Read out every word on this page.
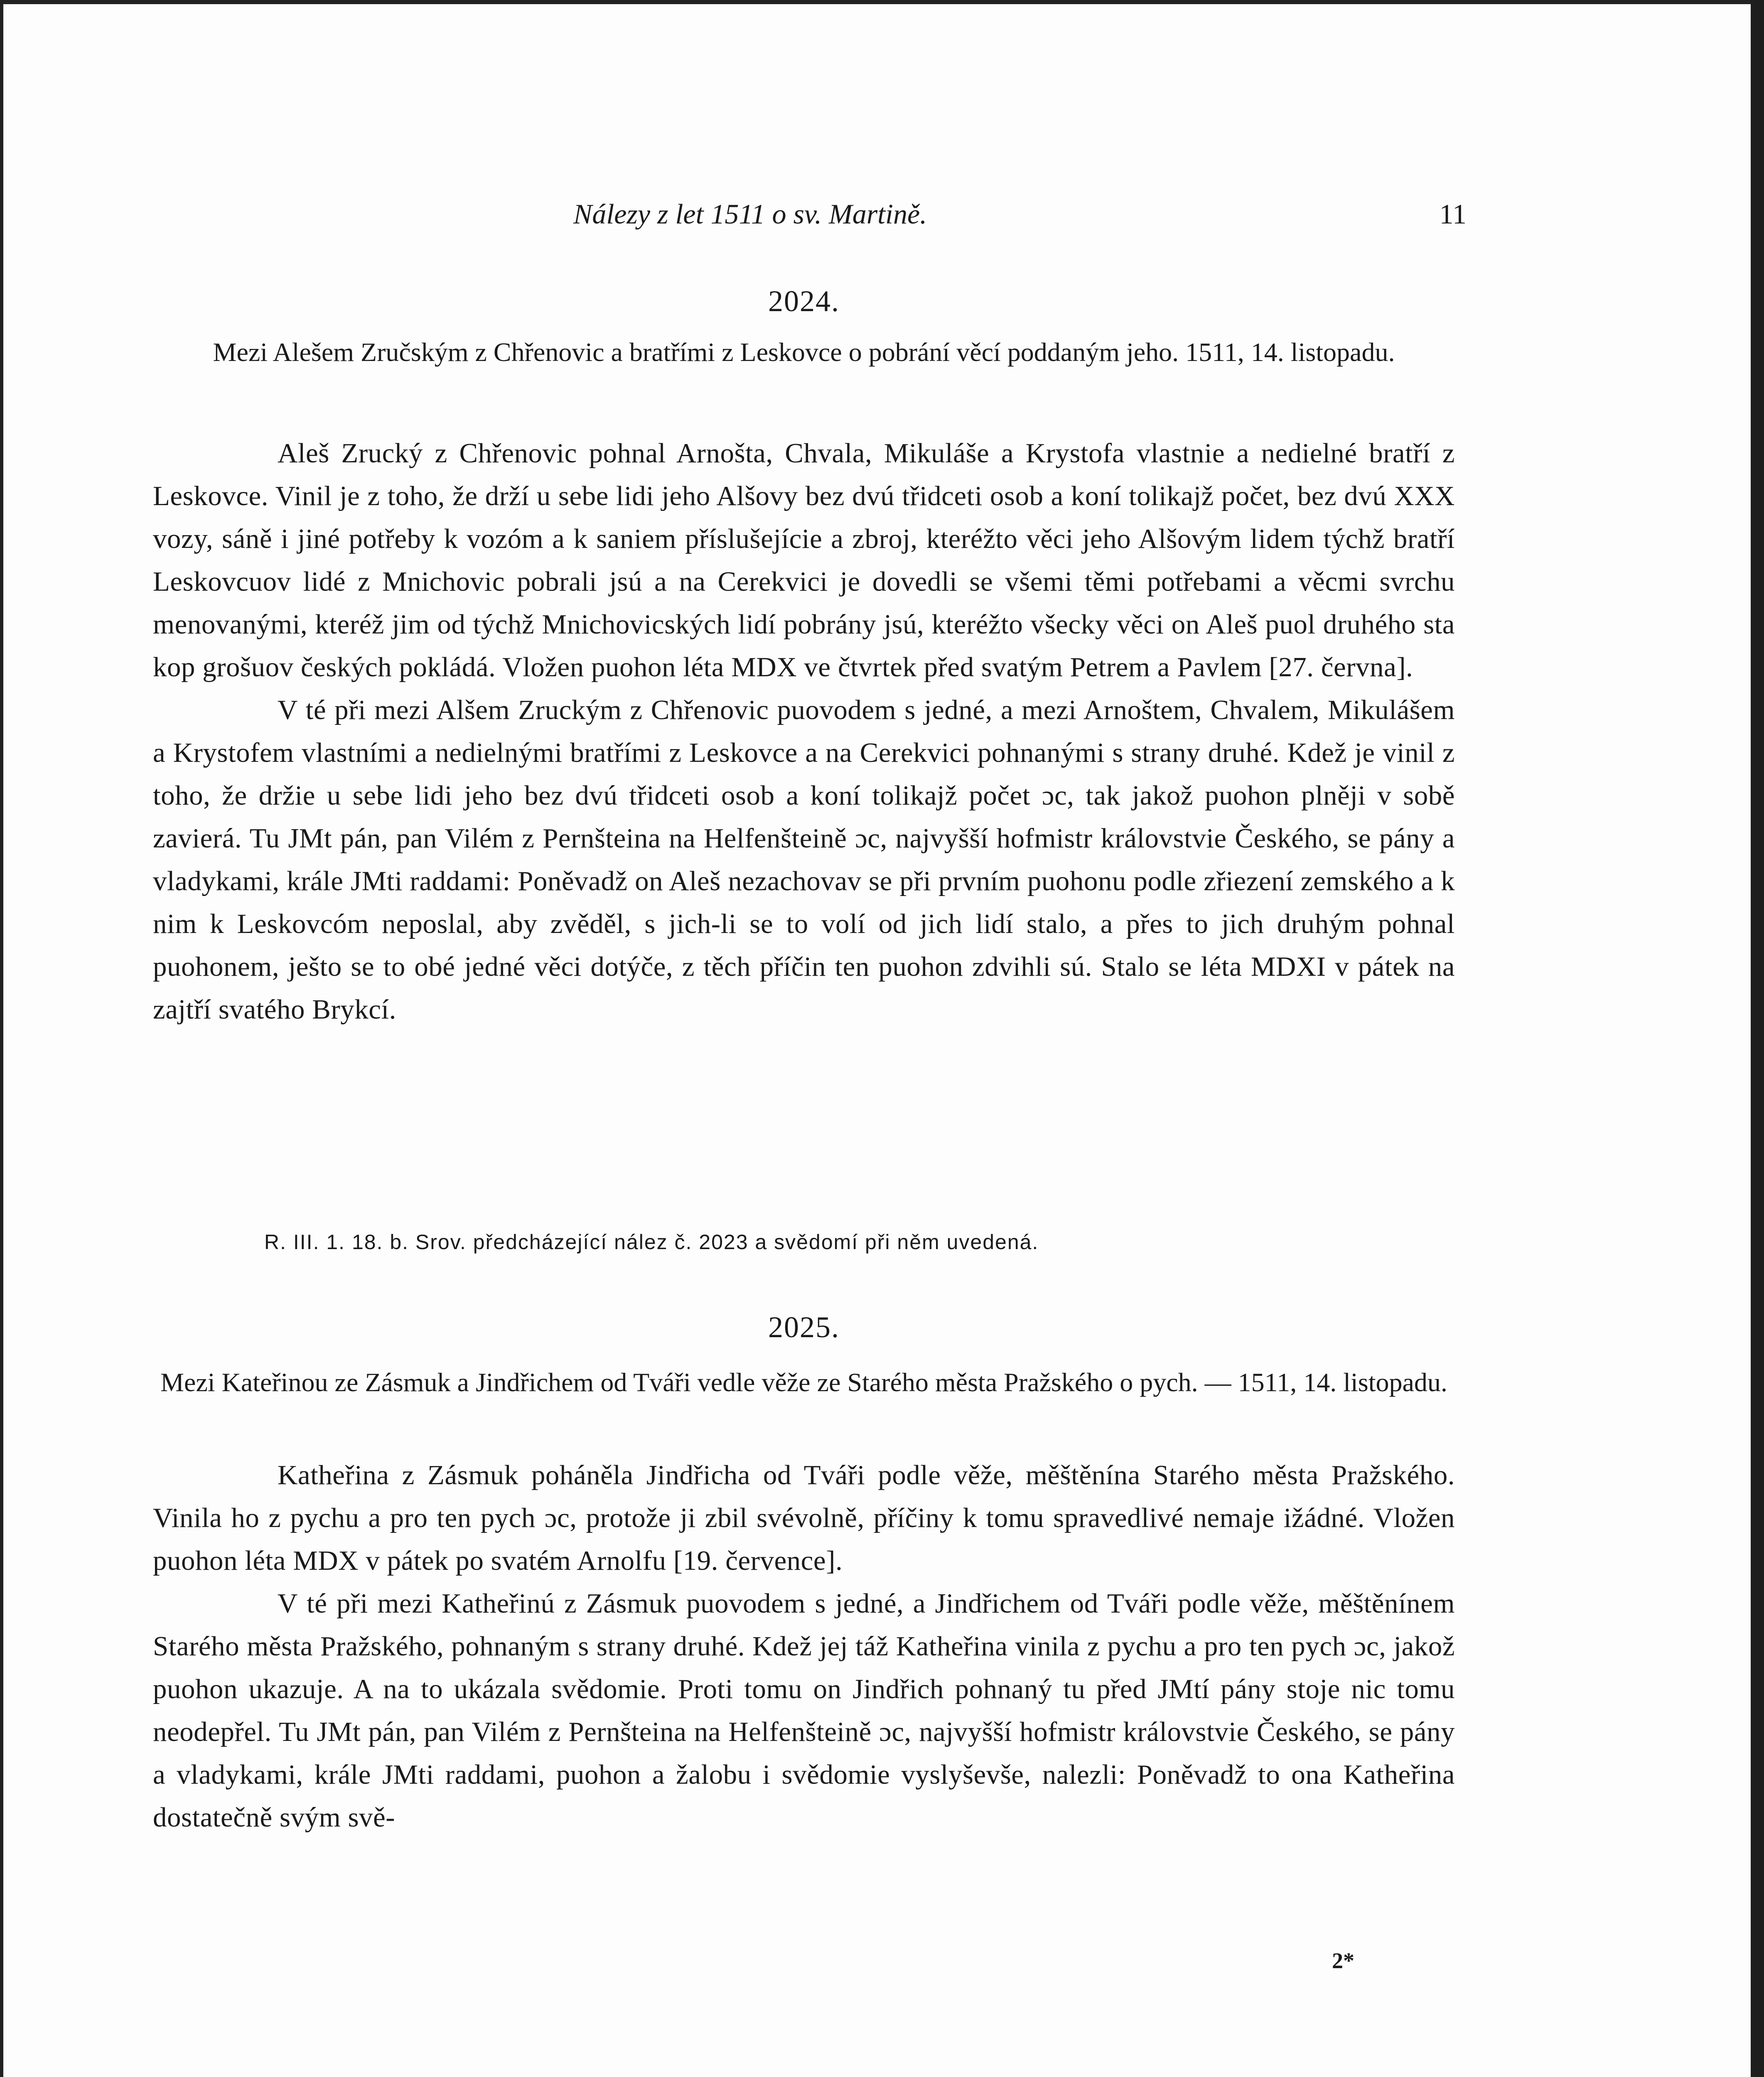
Nálezy z let 1511 o sv. Martině.	11
2024.
Mezi Alešem Zručským z Chřenovic a bratřími z Leskovce o pobrání věcí poddaným jeho. 1511, 14. listopadu.

Aleš Zrucký z Chřenovic pohnal Arnošta, Chvala, Mikuláše a Krystofa vlastnie a nedielné bratří z Leskovce. Vinil je z toho, že drží u sebe lidi jeho Alšovy bez dvú třidceti osob a koní tolikajž počet, bez dvú XXX vozy, sáně i jiné potřeby k vozóm a k saniem příslušejície a zbroj, kteréžto věci jeho Alšovým lidem týchž bratří Leskovcuov lidé z Mnichovic pobrali jsú a na Cerekvici je dovedli se všemi těmi potřebami a věcmi svrchu menovanými, kteréž jim od týchž Mnichovicských lidí pobrány jsú, kteréžto všecky věci on Aleš puol druhého sta kop grošuov českých pokládá. Vložen puohon léta MDX ve čtvrtek před svatým Petrem a Pavlem [27. června].

V té při mezi Alšem Zruckým z Chřenovic puovodem s jedné, a mezi Arnoštem, Chvalem, Mikulášem a Krystofem vlastními a nedielnými bratřími z Leskovce a na Cerekvici pohnanými s strany druhé. Kdež je vinil z toho, že držie u sebe lidi jeho bez dvú třidceti osob a koní tolikajž počet ɔc, tak jakož puohon plnějі v sobě zavierá. Tu JMt pán, pan Vilém z Pernšteina na Helfenšteině ɔc, najvyšší hofmistr královstvie Českého, se pány a vladykami, krále JMti raddami: Poněvadž on Aleš nezachovav se při prvním puohonu podle zřiezení zemského a k nim k Leskovcóm neposlal, aby zvěděl, s jich-li se to volí od jich lidí stalo, a přes to jich druhým pohnal puohonem, ješto se to obé jedné věci dotýče, z těch příčin ten puohon zdvihli sú. Stalo se léta MDXI v pátek na zajtří svatého Brykcí.

R. III. 1. 18. b. Srov. předcházející nález č. 2023 a svědomí při něm uvedená.
2025.
Mezi Kateřinou ze Zásmuk a Jindřichem od Tváři vedle věže ze Starého města Pražského o pych. — 1511, 14. listopadu.

Katheřina z Zásmuk poháněla Jindřicha od Tváři podle věže, měštěnína Starého města Pražského. Vinila ho z pychu a pro ten pych ɔc, protože ji zbil svévolně, příčiny k tomu spravedlivé nemaje ižádné. Vložen puohon léta MDX v pátek po svatém Arnolfu [19. července].

V té při mezi Katheřinú z Zásmuk puovodem s jedné, a Jindřichem od Tváři podle věže, měštěnínem Starého města Pražského, pohnaným s strany druhé. Kdež jej táž Katheřina vinila z pychu a pro ten pych ɔc, jakož puohon ukazuje. A na to ukázala svědomie. Proti tomu on Jindřich pohnaný tu před JMtí pány stoje nic tomu neodepřel. Tu JMt pán, pan Vilém z Pernšteina na Helfenšteině ɔc, najvyšší hofmistr královstvie Českého, se pány a vladykami, krále JMti raddami, puohon a žalobu i svědomie vyslyševše, nalezli: Poněvadž to ona Katheřina dostatečně svým svě-

2*
